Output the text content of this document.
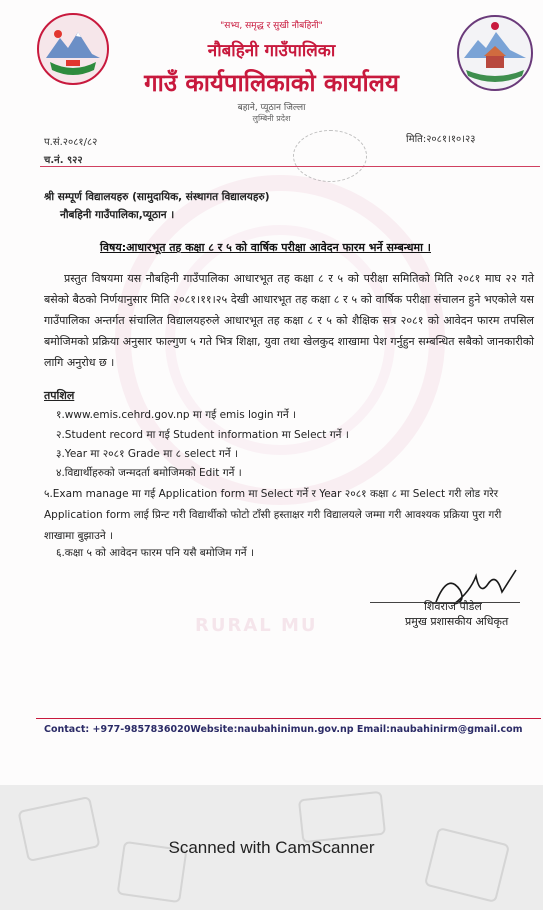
RURAL MU
"सभ्य, समृद्ध र सुखी नौबहिनी"
नौबहिनी गाउँपालिका
गाउँ कार्यपालिकाको कार्यालय
बहाने, प्यूठान जिल्ला
लुम्बिनी प्रदेश
प.सं.२०८१/८२
च.नं. ९२२
मिति:२०८१।१०।२३
श्री सम्पूर्ण विद्यालयहरु (सामुदायिक, संस्थागत विद्यालयहरु)
नौबहिनी गाउँपालिका,प्यूठान ।
विषय:आधारभूत तह कक्षा ८ र ५ को वार्षिक परीक्षा आवेदन फारम भर्ने सम्बन्धमा ।
प्रस्तुत विषयमा यस नौबहिनी गाउँपालिका आधारभूत तह कक्षा ८ र ५ को परीक्षा समितिको मिति २०८१ माघ २२ गते बसेको बैठको निर्णयानुसार मिति २०८१।११।२५ देखी आधारभूत तह कक्षा ८ र ५ को वार्षिक परीक्षा संचालन हुने भएकोले यस गाउँपालिका अन्तर्गत संचालित विद्यालयहरुले आधारभूत तह कक्षा ८ र ५ को शैक्षिक सत्र २०८१ को आवेदन फारम तपसिल बमोजिमको प्रक्रिया अनुसार फाल्गुण ५ गते भित्र शिक्षा, युवा तथा खेलकुद शाखामा पेश गर्नुहुन सम्बन्धित सबैको जानकारीको लागि अनुरोध छ ।
तपशिल
१.www.emis.cehrd.gov.np मा गई emis login गर्ने ।
२.Student record मा गई Student information मा Select गर्ने ।
३.Year मा २०८१ Grade मा ८ select गर्ने ।
४.विद्यार्थीहरुको जन्मदर्ता बमोजिमको Edit गर्ने ।
५.Exam manage मा गई Application form मा Select गर्ने र Year २०८१ कक्षा ८ मा Select गरी लोड गरेर Application form लाई प्रिन्ट गरी विद्यार्थीको फोटो टाँसी हस्ताक्षर गरी विद्यालयले जम्मा गरी आवश्यक प्रक्रिया पुरा गरी शाखामा बुझाउने ।
६.कक्षा ५ को आवेदन फारम पनि यसै बमोजिम गर्ने ।
शिवराज पौडेल
प्रमुख प्रशासकीय अधिकृत
Contact: +977-9857836020Website:naubahinimun.gov.np Email:naubahinirm@gmail.com
Scanned with CamScanner
